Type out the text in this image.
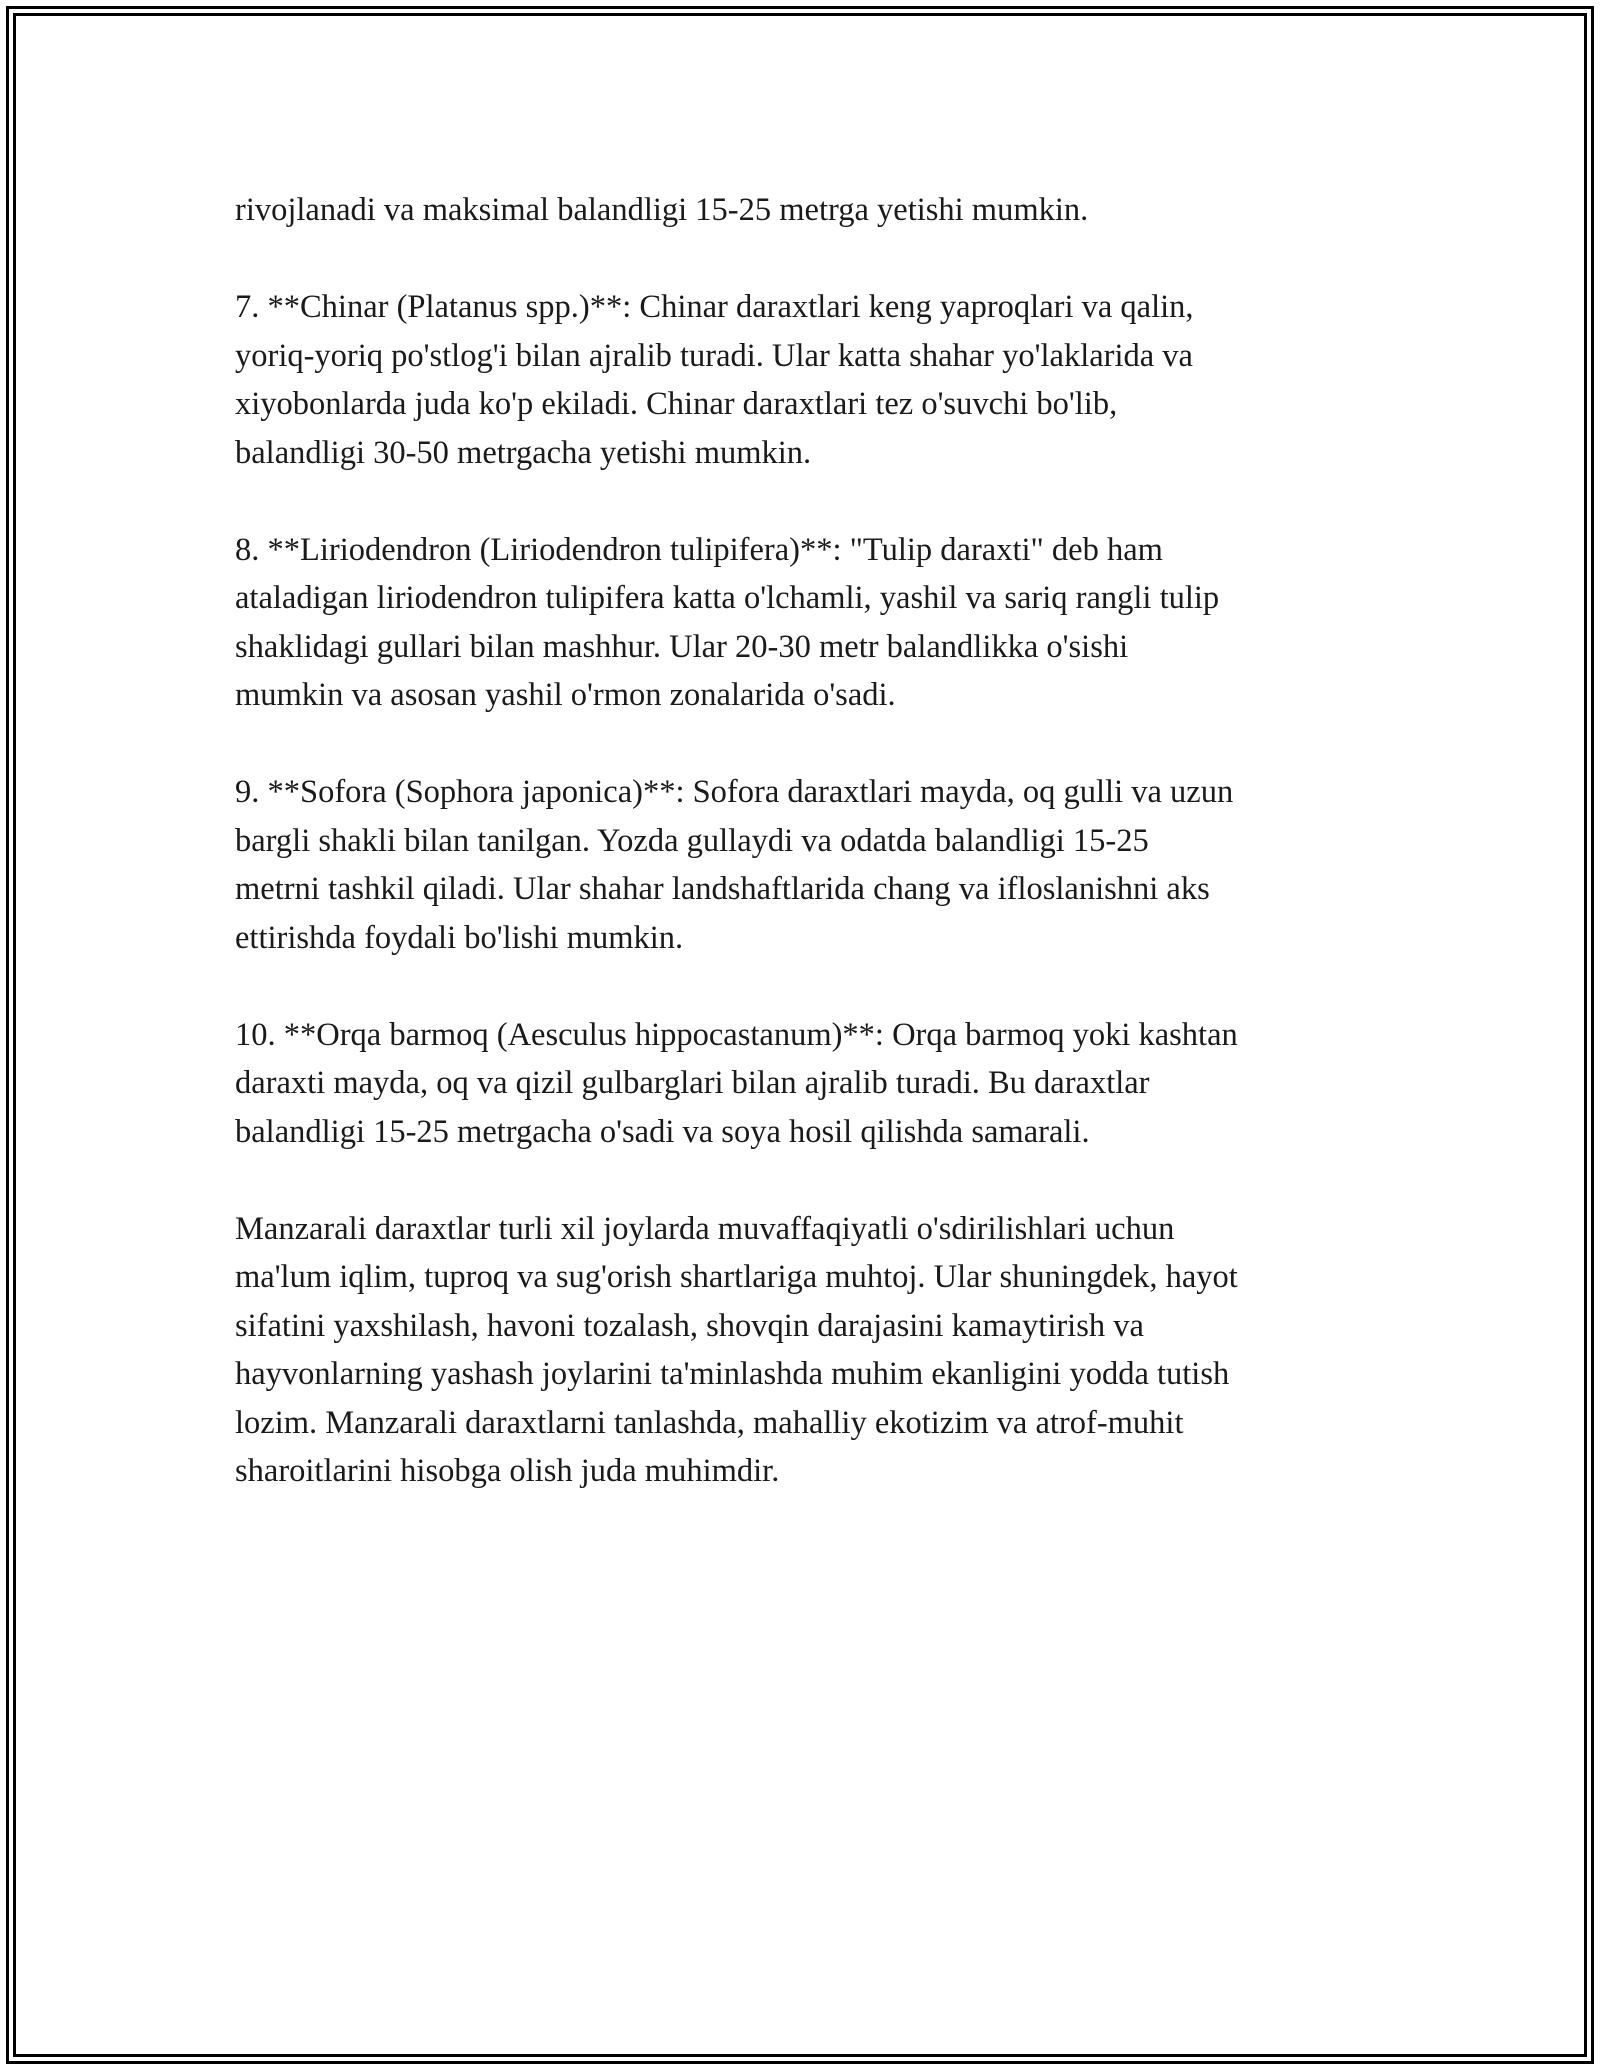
rivojlanadi va maksimal balandligi 15-25 metrga yetishi mumkin.
7. **Chinar (Platanus spp.)**: Chinar daraxtlari keng yaproqlari va qalin,
yoriq-yoriq po'stlog'i bilan ajralib turadi. Ular katta shahar yo'laklarida va
xiyobonlarda juda ko'p ekiladi. Chinar daraxtlari tez o'suvchi bo'lib,
balandligi 30-50 metrgacha yetishi mumkin.
8. **Liriodendron (Liriodendron tulipifera)**: "Tulip daraxti" deb ham
ataladigan liriodendron tulipifera katta o'lchamli, yashil va sariq rangli tulip
shaklidagi gullari bilan mashhur. Ular 20-30 metr balandlikka o'sishi
mumkin va asosan yashil o'rmon zonalarida o'sadi.
9. **Sofora (Sophora japonica)**: Sofora daraxtlari mayda, oq gulli va uzun
bargli shakli bilan tanilgan. Yozda gullaydi va odatda balandligi 15-25
metrni tashkil qiladi. Ular shahar landshaftlarida chang va ifloslanishni aks
ettirishda foydali bo'lishi mumkin.
10. **Orqa barmoq (Aesculus hippocastanum)**: Orqa barmoq yoki kashtan
daraxti mayda, oq va qizil gulbarglari bilan ajralib turadi. Bu daraxtlar
balandligi 15-25 metrgacha o'sadi va soya hosil qilishda samarali.
Manzarali daraxtlar turli xil joylarda muvaffaqiyatli o'sdirilishlari uchun
ma'lum iqlim, tuproq va sug'orish shartlariga muhtoj. Ular shuningdek, hayot
sifatini yaxshilash, havoni tozalash, shovqin darajasini kamaytirish va
hayvonlarning yashash joylarini ta'minlashda muhim ekanligini yodda tutish
lozim. Manzarali daraxtlarni tanlashda, mahalliy ekotizim va atrof-muhit
sharoitlarini hisobga olish juda muhimdir.
